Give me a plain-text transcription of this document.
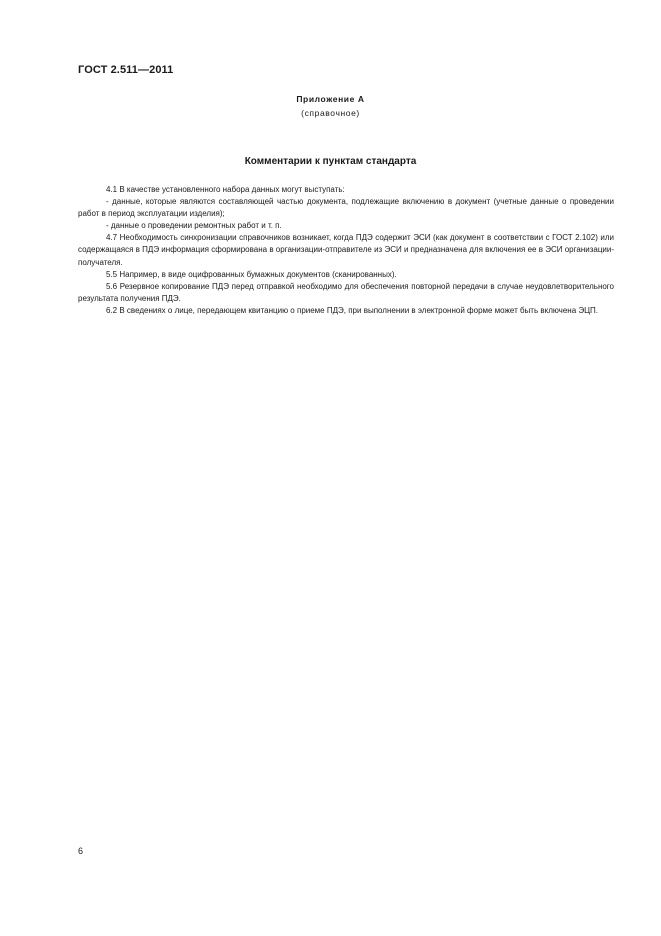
ГОСТ 2.511—2011
Приложение А
(справочное)
Комментарии к пунктам стандарта

4.1 В качестве установленного набора данных могут выступать:

- данные, которые являются составляющей частью документа, подлежащие включению в документ (учетные данные о проведении работ в период эксплуатации изделия);

- данные о проведении ремонтных работ и т. п.

4.7 Необходимость синхронизации справочников возникает, когда ПДЭ содержит ЭСИ (как документ в соответствии с ГОСТ 2.102) или содержащаяся в ПДЭ информация сформирована в организации-отправителе из ЭСИ и предназначена для включения ее в ЭСИ организации-получателя.

5.5 Например, в виде оцифрованных бумажных документов (сканированных).

5.6 Резервное копирование ПДЭ перед отправкой необходимо для обеспечения повторной передачи в случае неудовлетворительного результата получения ПДЭ.

6.2 В сведениях о лице, передающем квитанцию о приеме ПДЭ, при выполнении в электронной форме может быть включена ЭЦП.

6
